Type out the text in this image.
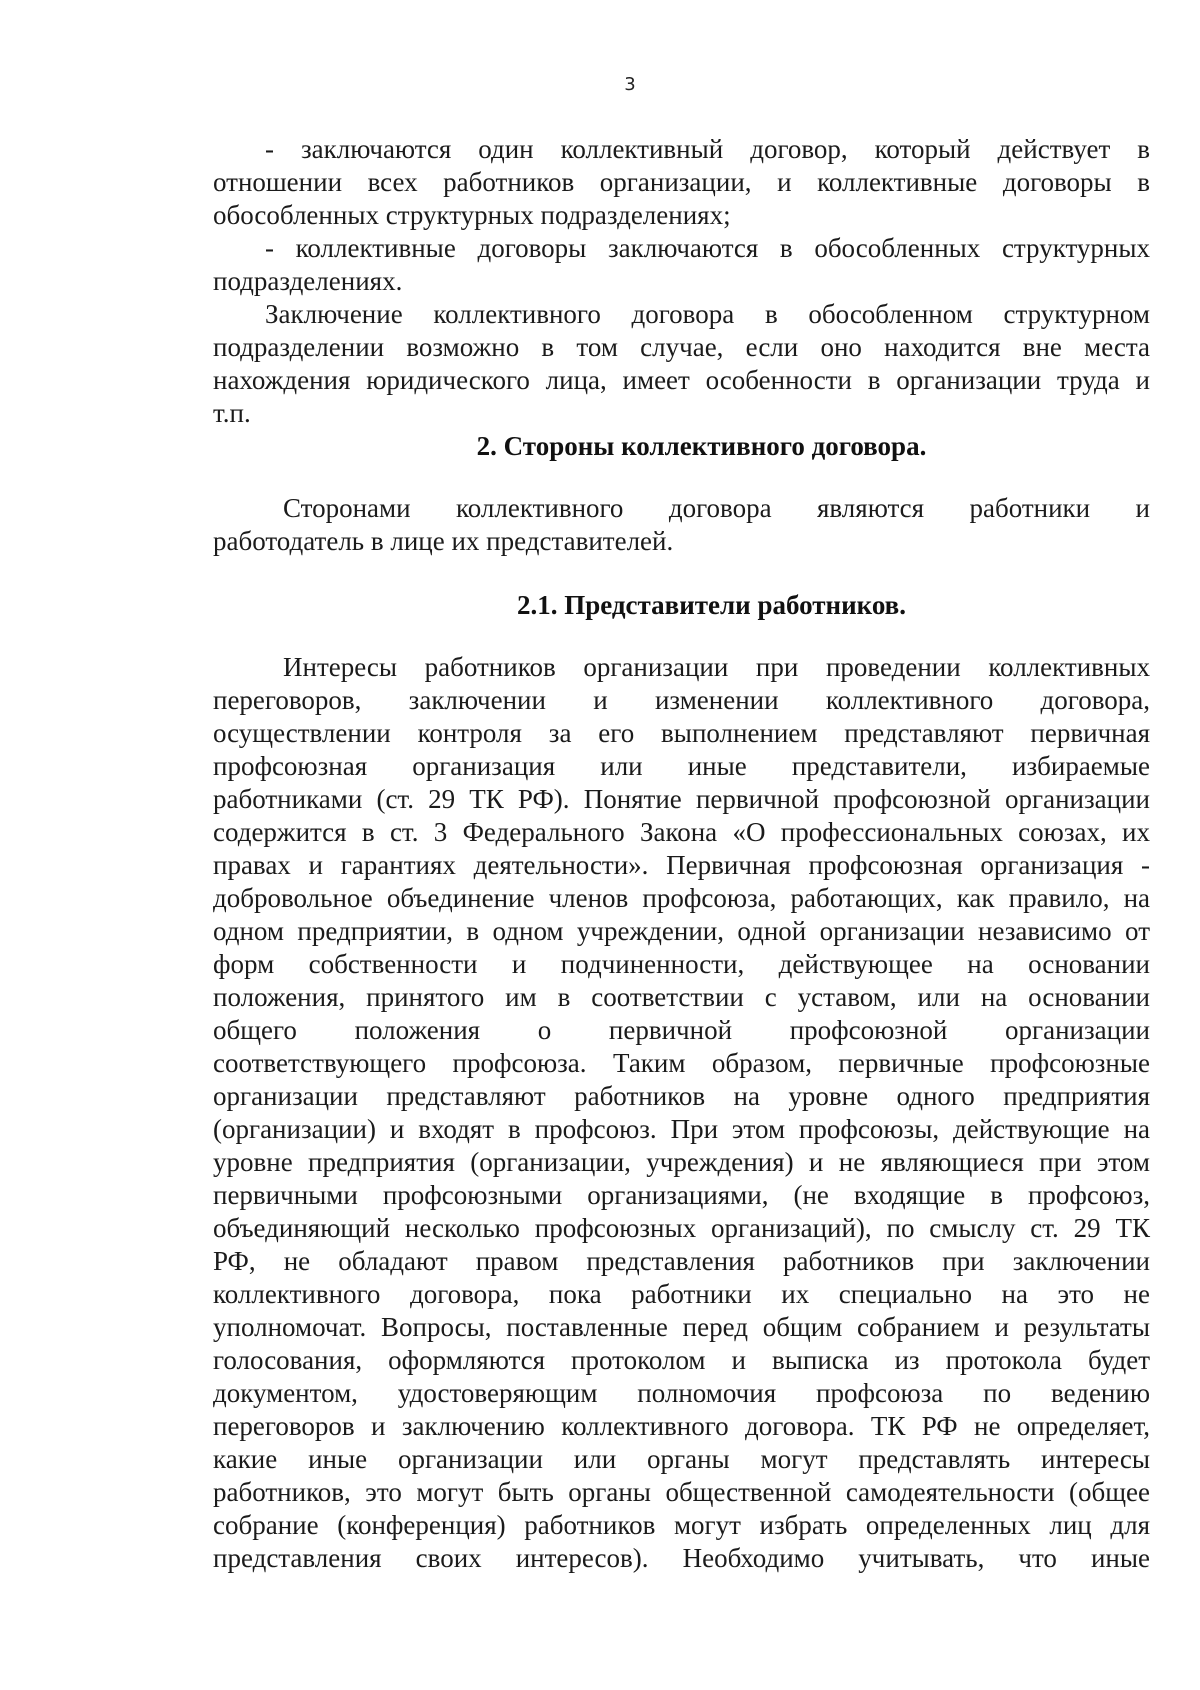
3
- заключаются один коллективный договор, который действует в
отношении всех работников организации, и коллективные договоры в
обособленных структурных подразделениях;
- коллективные договоры заключаются в обособленных структурных
подразделениях.
Заключение коллективного договора в обособленном структурном
подразделении возможно в том случае, если оно находится вне места
нахождения юридического лица, имеет особенности в организации труда и
т.п.
2. Стороны коллективного договора.
Сторонами коллективного договора являются работники и
работодатель в лице их представителей.
2.1. Представители работников.
Интересы работников организации при проведении коллективных
переговоров, заключении и изменении коллективного договора,
осуществлении контроля за его выполнением представляют первичная
профсоюзная организация или иные представители, избираемые
работниками (ст. 29 ТК РФ). Понятие первичной профсоюзной организации
содержится в ст. 3 Федерального Закона «О профессиональных союзах, их
правах и гарантиях деятельности». Первичная профсоюзная организация -
добровольное объединение членов профсоюза, работающих, как правило, на
одном предприятии, в одном учреждении, одной организации независимо от
форм собственности и подчиненности, действующее на основании
положения, принятого им в соответствии с уставом, или на основании
общего положения о первичной профсоюзной организации
соответствующего профсоюза. Таким образом, первичные профсоюзные
организации представляют работников на уровне одного предприятия
(организации) и входят в профсоюз. При этом профсоюзы, действующие на
уровне предприятия (организации, учреждения) и не являющиеся при этом
первичными профсоюзными организациями, (не входящие в профсоюз,
объединяющий несколько профсоюзных организаций), по смыслу ст. 29 ТК
РФ, не обладают правом представления работников при заключении
коллективного договора, пока работники их специально на это не
уполномочат. Вопросы, поставленные перед общим собранием и результаты
голосования, оформляются протоколом и выписка из протокола будет
документом, удостоверяющим полномочия профсоюза по ведению
переговоров и заключению коллективного договора. ТК РФ не определяет,
какие иные организации или органы могут представлять интересы
работников, это могут быть органы общественной самодеятельности (общее
собрание (конференция) работников могут избрать определенных лиц для
представления своих интересов). Необходимо учитывать, что иные
